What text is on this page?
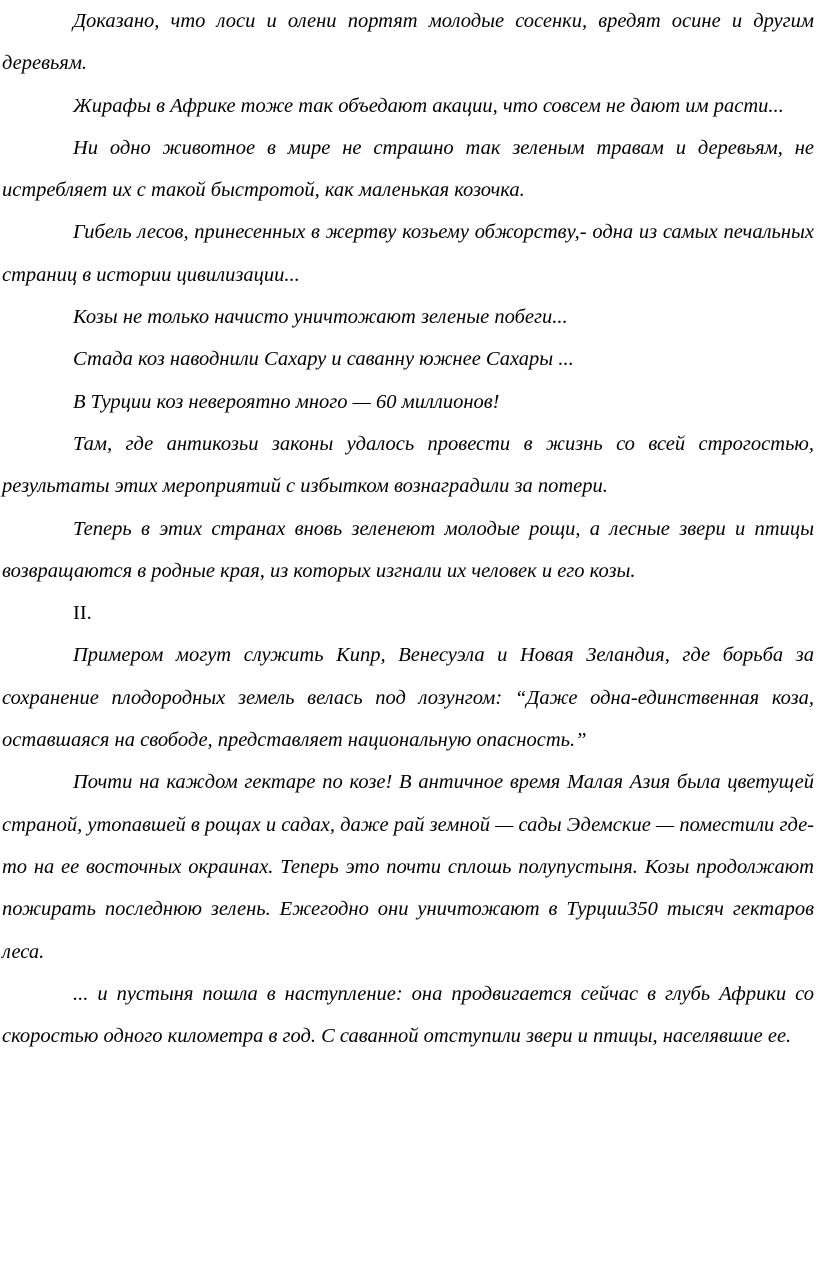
Доказано, что лоси и олени портят молодые сосенки, вредят осине и другим деревьям.

Жирафы в Африке тоже так объедают акации, что совсем не дают им расти...

Ни одно животное в мире не страшно так зеленым травам и деревьям, не истребляет их с такой быстротой, как маленькая козочка.

Гибель лесов, принесенных в жертву козьему обжорству,- одна из самых печальных страниц в истории цивилизации...

Козы не только начисто уничтожают зеленые побеги...

Стада коз наводнили Сахару и саванну южнее Сахары ...

В Турции коз невероятно много — 60 миллионов!

Там, где антикозьи законы удалось провести в жизнь со всей строгостью, результаты этих мероприятий с избытком вознаградили за потери.

Теперь в этих странах вновь зеленеют молодые рощи, а лесные звери и птицы возвращаются в родные края, из которых изгнали их человек и его козы.

II.

Примером могут служить Кипр, Венесуэла и Новая Зеландия, где борьба за сохранение плодородных земель велась под лозунгом: “Даже одна-единственная коза, оставшаяся на свободе, представляет национальную опасность.”

Почти на каждом гектаре по козе! В античное время Малая Азия была цветущей страной, утопавшей в рощах и садах, даже рай земной — сады Эдемские — поместили где-то на ее восточных окраинах. Теперь это почти сплошь полупустыня. Козы продолжают пожирать последнюю зелень. Ежегодно они уничтожают в Турции350 тысяч гектаров леса.

... и пустыня пошла в наступление: она продвигается сейчас в глубь Африки со скоростью одного километра в год. С саванной отступили звери и птицы, населявшие ее.
